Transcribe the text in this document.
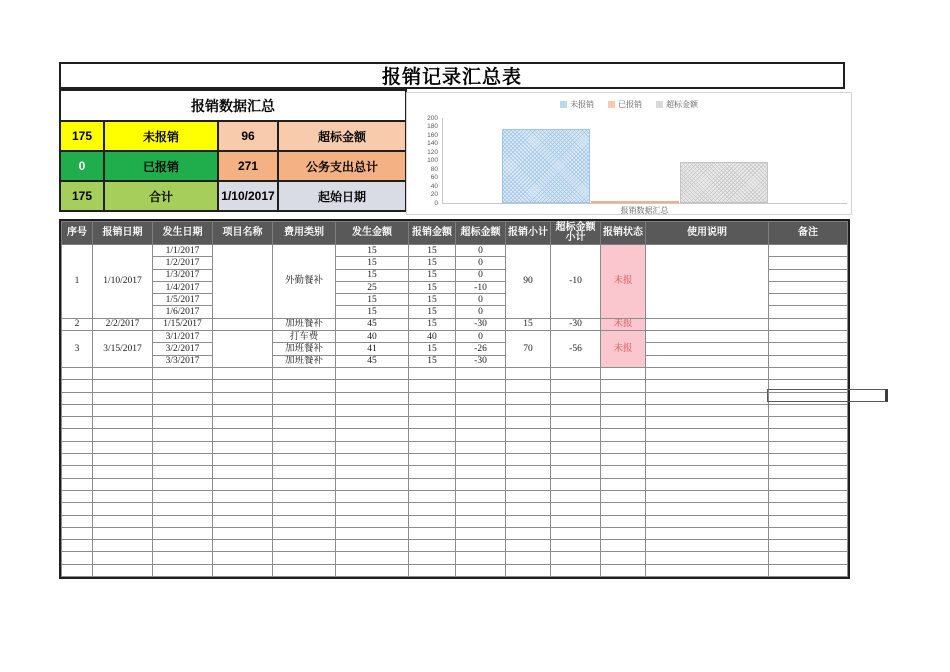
报销记录汇总表
报销数据汇总			
175	未报销	96	超标金额
0	已报销	271	公务支出总计
175	合计	1/10/2017	起始日期
未报销	已报销	超标金额
报销数据汇总
200
180
160
140
120
100
80
60
40
20
0
序号	报销日期	发生日期	项目名称	费用类别	发生金额	报销金额	超标金额	报销小计	超标金额小计	报销状态	使用说明	备注
1	1/10/2017	1/1/2017		外勤餐补	15	15	0	90	-10	未报		
		1/2/2017			15	15	0					
		1/3/2017			15	15	0					
		1/4/2017			25	15	-10					
		1/5/2017			15	15	0					
		1/6/2017			15	15	0					
2	2/2/2017	1/15/2017		加班餐补	45	15	-30	15	-30	未报		
3	3/15/2017	3/1/2017		打车费	40	40	0	70	-56	未报		
		3/2/2017		加班餐补	41	15	-26					
		3/3/2017		加班餐补	45	15	-30					
